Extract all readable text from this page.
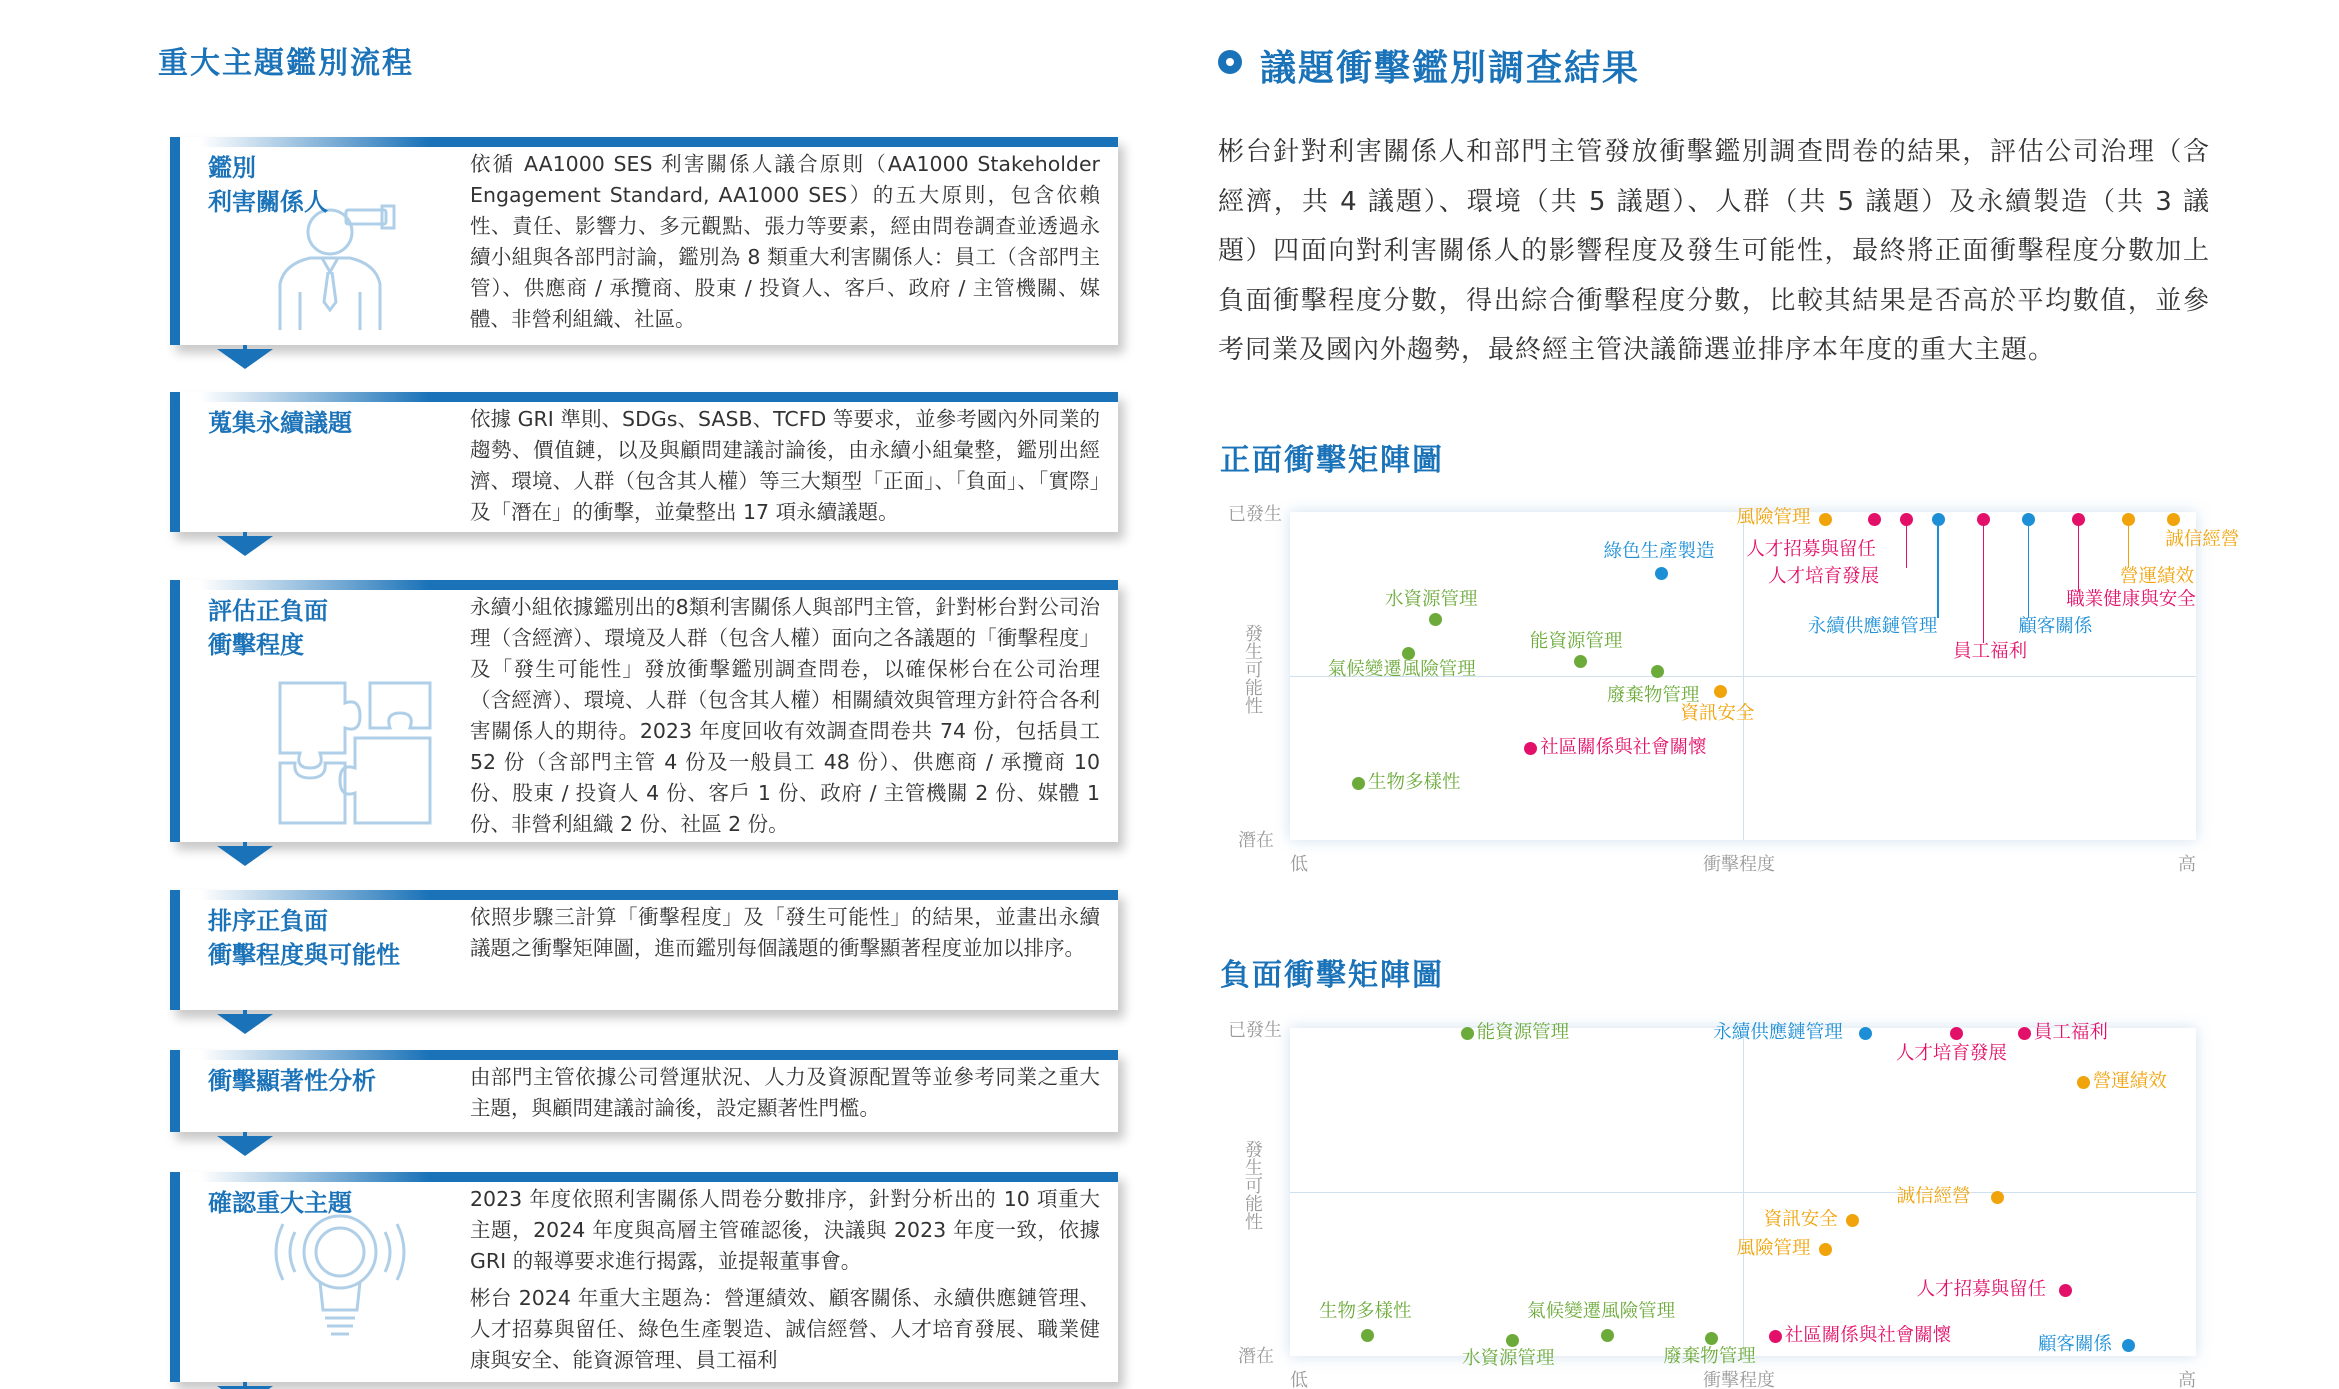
重大主題鑑別流程
鑑別
利害關係人
依循 AA1000 SES 利害關係人議合原則（AA1000 Stakeholder Engagement Standard, AA1000 SES）的五大原則，包含依賴性、責任、影響力、多元觀點、張力等要素，經由問卷調查並透過永續小組與各部門討論，鑑別為 8 類重大利害關係人：員工（含部門主管）、供應商 / 承攬商、股東 / 投資人、客戶、政府 / 主管機關、媒體、非營利組織、社區。
蒐集永續議題	依據 GRI 準則、SDGs、SASB、TCFD 等要求，並參考國內外同業的趨勢、價值鏈，以及與顧問建議討論後，由永續小組彙整，鑑別出經濟、環境、人群（包含其人權）等三大類型「正面」、「負面」、「實際」及「潛在」的衝擊，並彙整出 17 項永續議題。
評估正負面
衝擊程度
永續小組依據鑑別出的8類利害關係人與部門主管，針對彬台對公司治理（含經濟）、環境及人群（包含人權）面向之各議題的「衝擊程度」及「發生可能性」發放衝擊鑑別調查問卷，以確保彬台在公司治理（含經濟）、環境、人群（包含其人權）相關績效與管理方針符合各利害關係人的期待。2023 年度回收有效調查問卷共 74 份，包括員工 52 份（含部門主管 4 份及一般員工 48 份）、供應商 / 承攬商 10 份、股東 / 投資人 4 份、客戶 1 份、政府 / 主管機關 2 份、媒體 1 份、非營利組織 2 份、社區 2 份。
排序正負面
衝擊程度與可能性
依照步驟三計算「衝擊程度」及「發生可能性」的結果，並畫出永續議題之衝擊矩陣圖，進而鑑別每個議題的衝擊顯著程度並加以排序。
衝擊顯著性分析	由部門主管依據公司營運狀況、人力及資源配置等並參考同業之重大主題，與顧問建議討論後，設定顯著性門檻。
確認重大主題	2023 年度依照利害關係人問卷分數排序，針對分析出的 10 項重大主題，2024 年度與高層主管確認後，決議與 2023 年度一致，依據 GRI 的報導要求進行揭露，並提報董事會。
彬台 2024 年重大主題為：營運績效、顧客關係、永續供應鏈管理、人才招募與留任、綠色生產製造、誠信經營、人才培育發展、職業健康與安全、能資源管理、員工福利
議題衝擊鑑別調查結果
彬台針對利害關係人和部門主管發放衝擊鑑別調查問卷的結果，評估公司治理（含經濟，共 4 議題）、環境（共 5 議題）、人群（共 5 議題）及永續製造（共 3 議題）四面向對利害關係人的影響程度及發生可能性，最終將正面衝擊程度分數加上負面衝擊程度分數，得出綜合衝擊程度分數，比較其結果是否高於平均數值，並參考同業及國內外趨勢，最終經主管決議篩選並排序本年度的重大主題。
正面衝擊矩陣圖
負面衝擊矩陣圖
風險管理
人才招募與留任
人才培育發展
永續供應鏈管理
員工福利
顧客關係
職業健康與安全
營運績效
誠信經營
綠色生產製造
水資源管理
能資源管理
氣候變遷風險管理
廢棄物管理
資訊安全
社區關係與社會關懷
生物多樣性
已發生
潛在
發生可能性
低	衝擊程度	高
能資源管理	永續供應鏈管理
人才培育發展
員工福利
營運績效
誠信經營
資訊安全
風險管理
人才招募與留任
生物多樣性
水資源管理
氣候變遷風險管理
廢棄物管理
社區關係與社會關懷	顧客關係
已發生
潛在
發生可能性
低	衝擊程度	高
